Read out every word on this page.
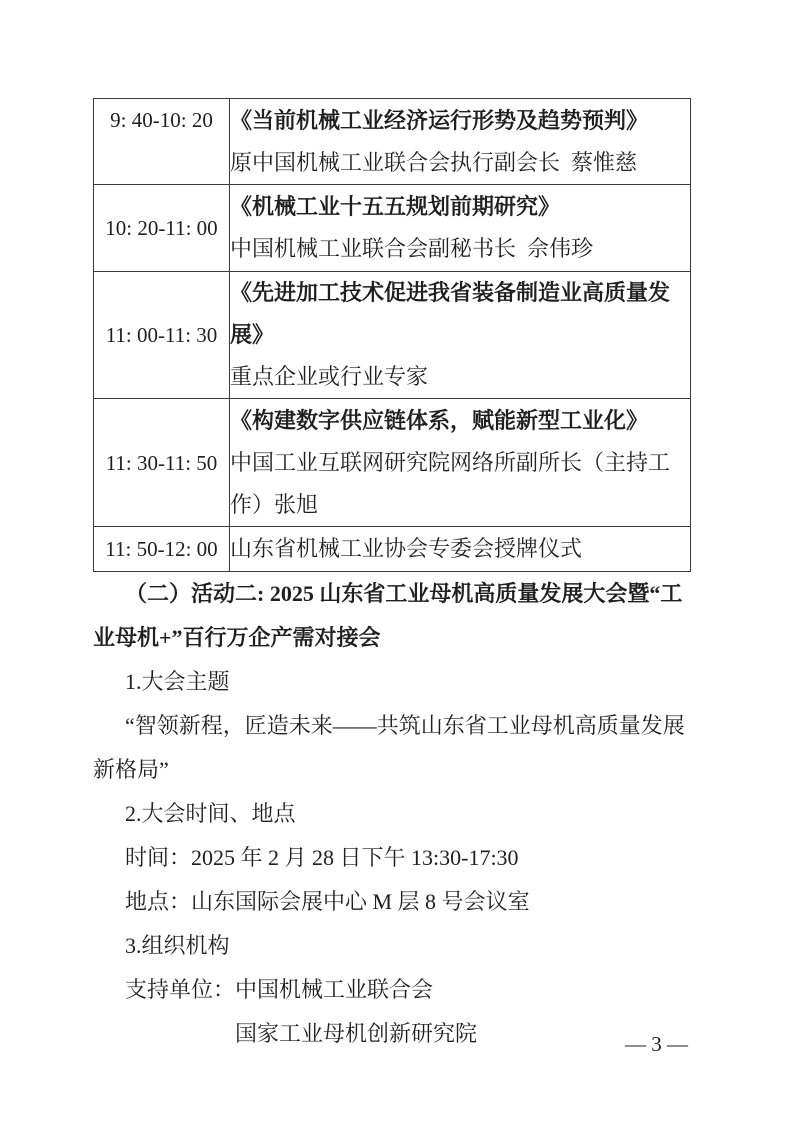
9: 40-10: 20	《当前机械工业经济运行形势及趋势预判》
原中国机械工业联合会执行副会长  蔡惟慈

10: 20-11: 00	《机械工业十五五规划前期研究》
中国机械工业联合会副秘书长  佘伟珍

11: 00-11: 30	《先进加工技术促进我省装备制造业高质量发
展》
重点企业或行业专家

11: 30-11: 50	《构建数字供应链体系，赋能新型工业化》
中国工业互联网研究院网络所副所长（主持工
作）张旭

11: 50-12: 00	山东省机械工业协会专委会授牌仪式
（二）活动二: 2025 山东省工业母机高质量发展大会暨“工
业母机+”百行万企产需对接会
1.大会主题
“智领新程，匠造未来——共筑山东省工业母机高质量发展
新格局”
2.大会时间、地点
时间：2025 年 2 月 28 日下午 13:30-17:30
地点：山东国际会展中心 M 层 8 号会议室
3.组织机构
支持单位：中国机械工业联合会
国家工业母机创新研究院	— 3 —
